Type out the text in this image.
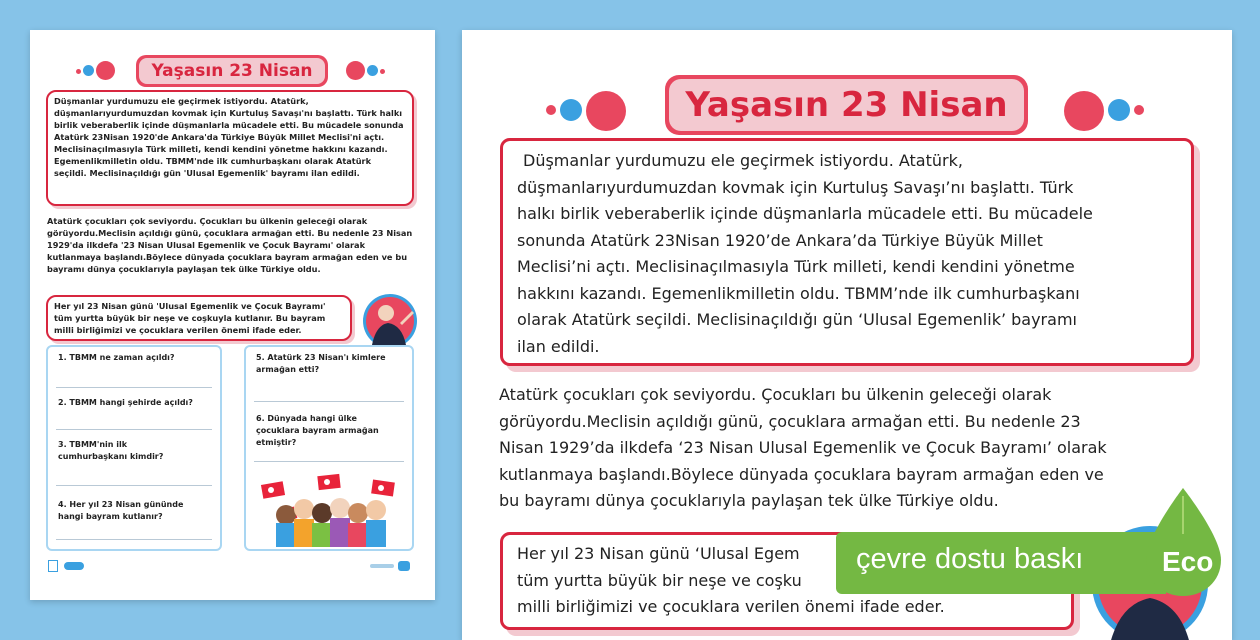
Yaşasın 23 Nisan
Düşmanlar yurdumuzu ele geçirmek istiyordu. Atatürk, düşmanlarıyurdumuzdan kovmak için Kurtuluş Savaşı'nı başlattı. Türk halkı birlik veberaberlik içinde düşmanlarla mücadele etti. Bu mücadele sonunda Atatürk 23Nisan 1920'de Ankara'da Türkiye Büyük Millet Meclisi'ni açtı. Meclisinaçılmasıyla Türk milleti, kendi kendini yönetme hakkını kazandı. Egemenlikmilletin oldu. TBMM'nde ilk cumhurbaşkanı olarak Atatürk seçildi. Meclisinaçıldığı gün 'Ulusal Egemenlik' bayramı ilan edildi.
Atatürk çocukları çok seviyordu. Çocukları bu ülkenin geleceği olarak görüyordu.Meclisin açıldığı günü, çocuklara armağan etti. Bu nedenle 23 Nisan 1929'da ilkdefa '23 Nisan Ulusal Egemenlik ve Çocuk Bayramı' olarak kutlanmaya başlandı.Böylece dünyada çocuklara bayram armağan eden ve bu bayramı dünya çocuklarıyla paylaşan tek ülke Türkiye oldu.
Her yıl 23 Nisan günü 'Ulusal Egemenlik ve Çocuk Bayramı' tüm yurtta büyük bir neşe ve coşkuyla kutlanır. Bu bayram milli birliğimizi ve çocuklara verilen önemi ifade eder.
1. TBMM ne zaman açıldı?
2. TBMM hangi şehirde açıldı?
3. TBMM'nin ilk cumhurbaşkanı kimdir?
4. Her yıl 23 Nisan gününde hangi bayram kutlanır?
5. Atatürk 23 Nisan'ı kimlere armağan etti?
6. Dünyada hangi ülke çocuklara bayram armağan etmiştir?
Yaşasın 23 Nisan
Düşmanlar yurdumuzu ele geçirmek istiyordu. Atatürk,
düşmanlarıyurdumuzdan kovmak için Kurtuluş Savaşı’nı başlattı. Türk
halkı birlik veberaberlik içinde düşmanlarla mücadele etti. Bu mücadele
sonunda Atatürk 23Nisan 1920’de Ankara’da Türkiye Büyük Millet
Meclisi’ni açtı. Meclisinaçılmasıyla Türk milleti, kendi kendini yönetme
hakkını kazandı. Egemenlikmilletin oldu. TBMM’nde ilk cumhurbaşkanı
olarak Atatürk seçildi. Meclisinaçıldığı gün ‘Ulusal Egemenlik’ bayramı
ilan edildi.
Atatürk çocukları çok seviyordu. Çocukları bu ülkenin geleceği olarak
görüyordu.Meclisin açıldığı günü, çocuklara armağan etti. Bu nedenle 23
Nisan 1929’da ilkdefa ‘23 Nisan Ulusal Egemenlik ve Çocuk Bayramı’ olarak
kutlanmaya başlandı.Böylece dünyada çocuklara bayram armağan eden ve
bu bayramı dünya çocuklarıyla paylaşan tek ülke Türkiye oldu.
Her yıl 23 Nisan günü ‘Ulusal Egem
tüm yurtta büyük bir neşe ve coşku
milli birliğimizi ve çocuklara verilen önemi ifade eder.
çevre dostu baskı	Eco
